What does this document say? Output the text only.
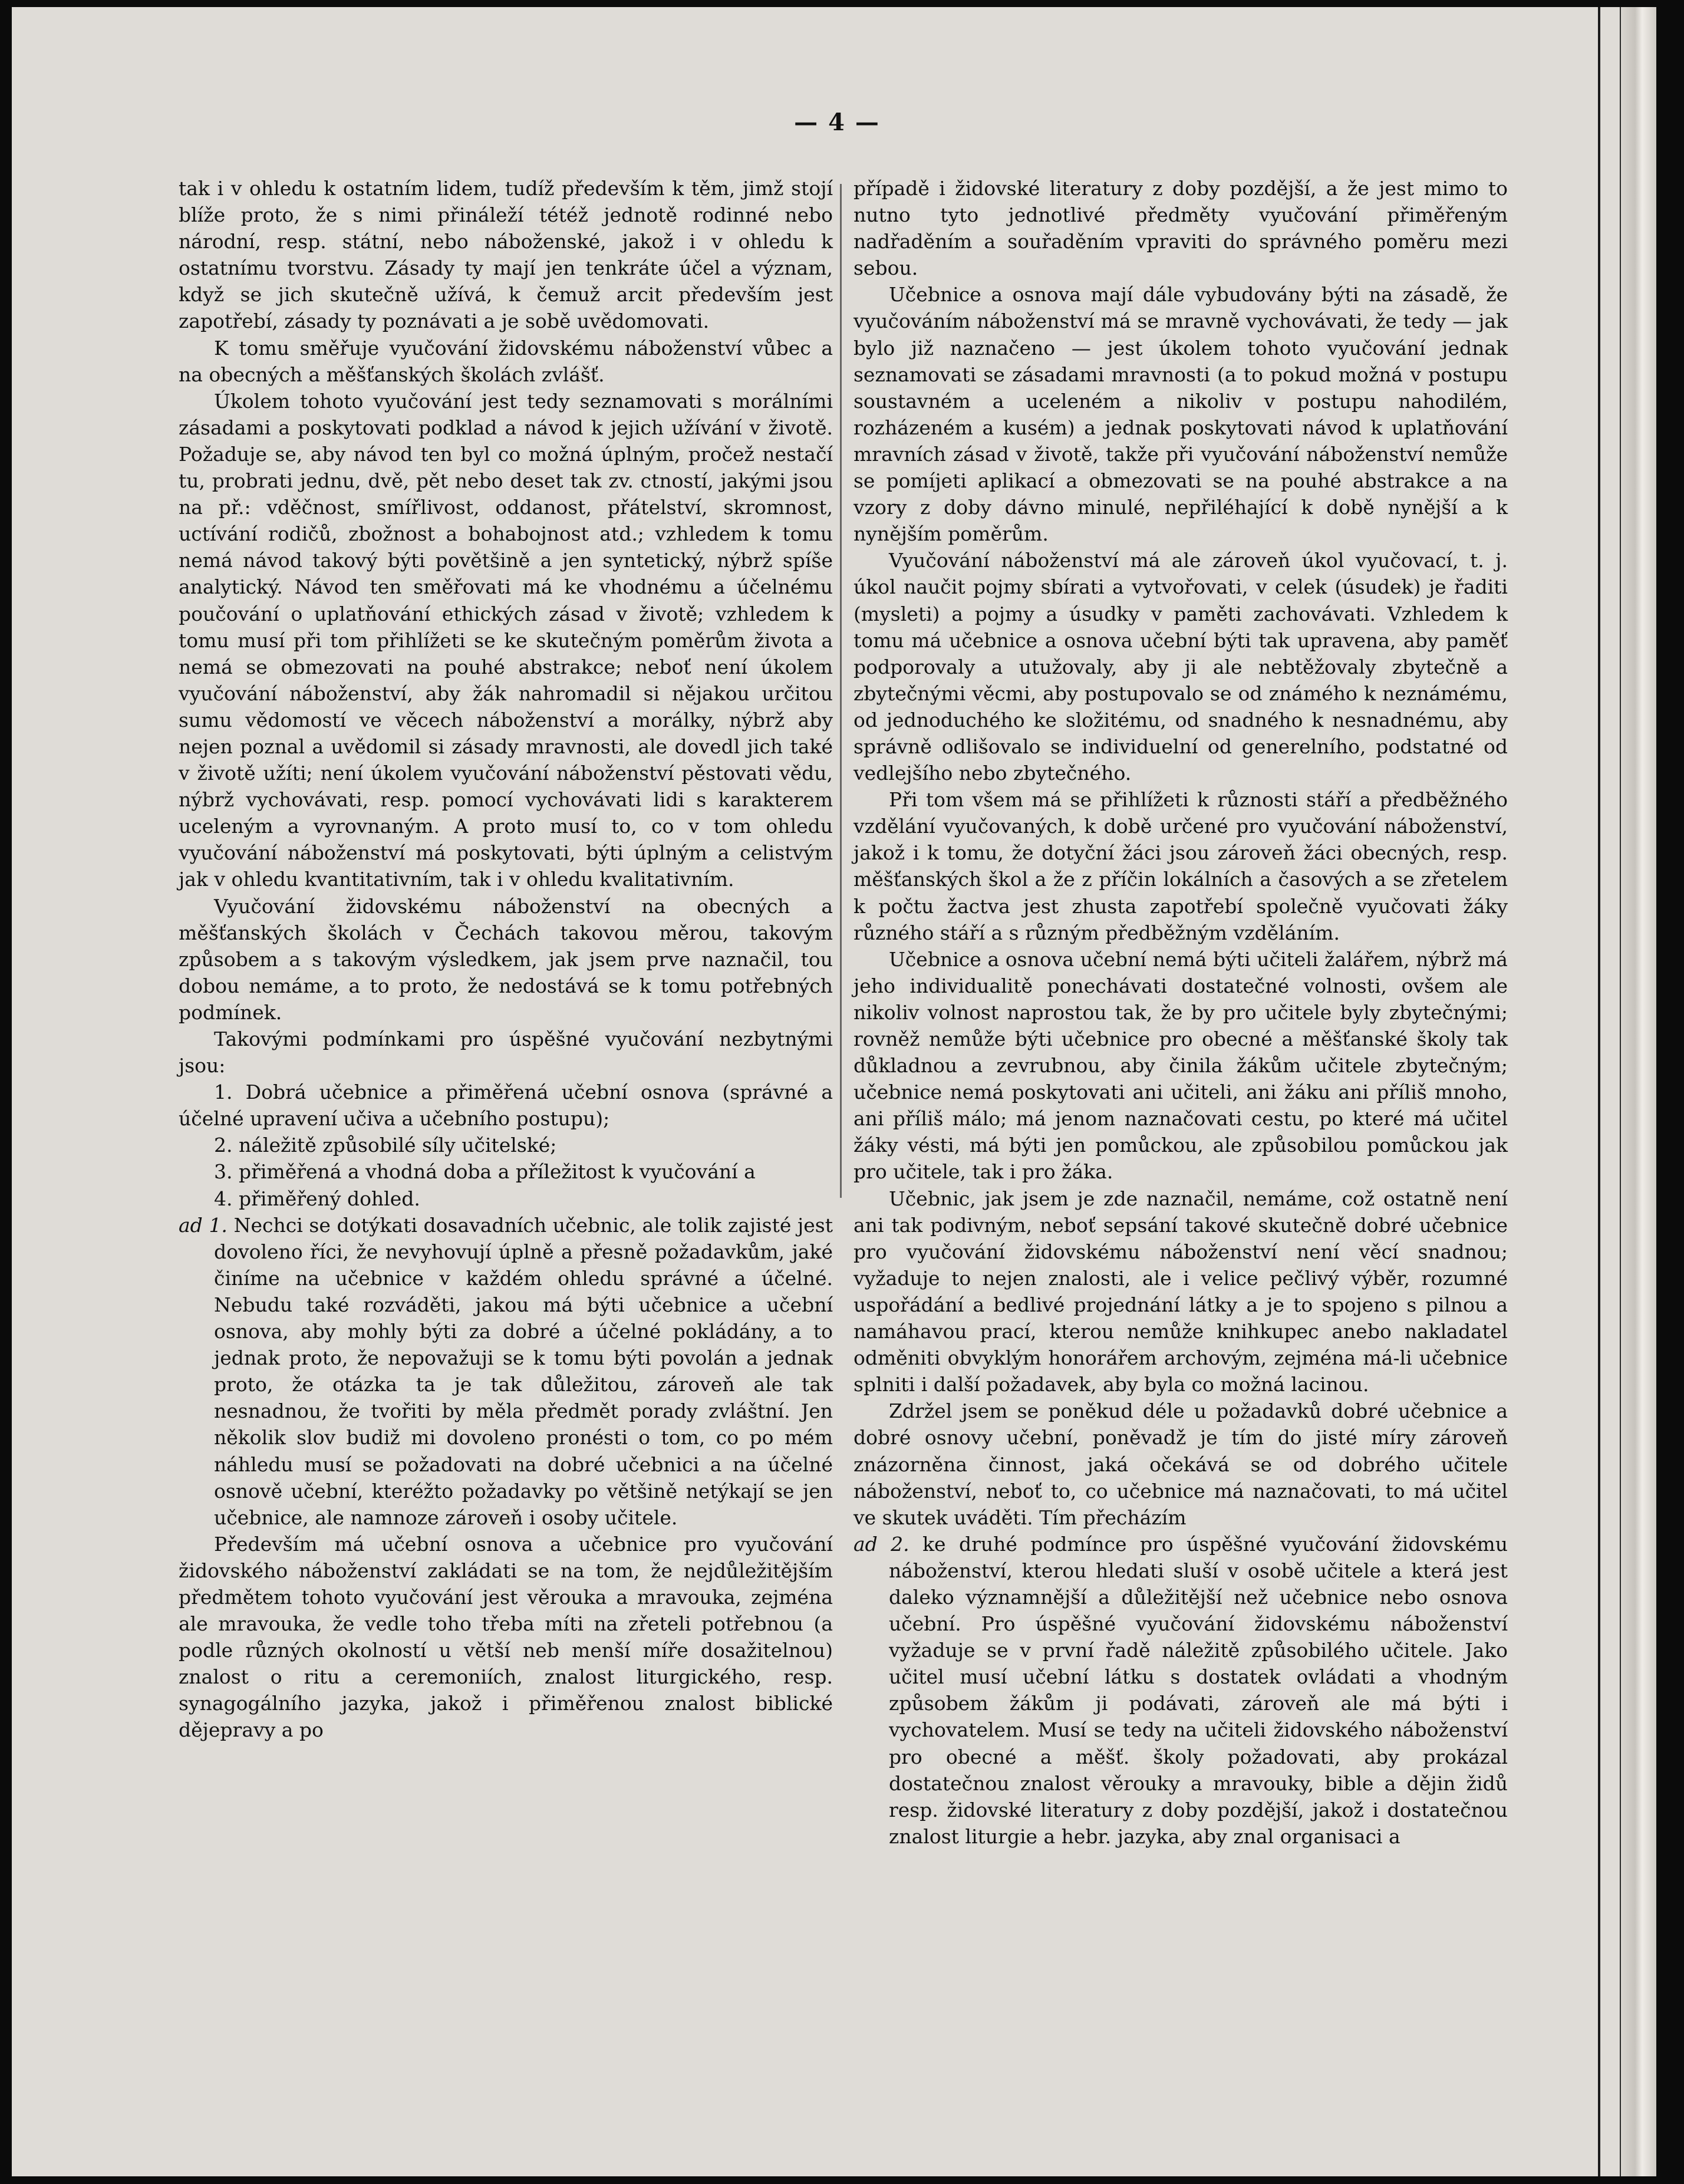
— 4 —

tak i v ohledu k ostatním lidem, tudíž především k těm, jimž stojí blíže proto, že s nimi přináleží tétéž jednotě rodinné nebo národní, resp. státní, nebo náboženské, jakož i v ohledu k ostatnímu tvorstvu. Zásady ty mají jen tenkráte účel a význam, když se jich skutečně užívá, k čemuž arcit především jest zapotřebí, zásady ty poznávati a je sobě uvědomovati.

K tomu směřuje vyučování židovskému náboženství vůbec a na obecných a měšťanských školách zvlášť.

Úkolem tohoto vyučování jest tedy seznamovati s morálními zásadami a poskytovati podklad a návod k jejich užívání v životě. Požaduje se, aby návod ten byl co možná úplným, pročež nestačí tu, probrati jednu, dvě, pět nebo deset tak zv. ctností, jakými jsou na př.: vděčnost, smířlivost, oddanost, přátelství, skromnost, uctívání rodičů, zbožnost a bohabojnost atd.; vzhledem k tomu nemá návod takový býti povětšině a jen syntetický, nýbrž spíše analytický. Návod ten směřovati má ke vhodnému a účelnému poučování o uplatňování ethických zásad v životě; vzhledem k tomu musí při tom přihlížeti se ke skutečným poměrům života a nemá se obmezovati na pouhé abstrakce; neboť není úkolem vyučování náboženství, aby žák nahromadil si nějakou určitou sumu vědomostí ve věcech náboženství a morálky, nýbrž aby nejen poznal a uvědomil si zásady mravnosti, ale dovedl jich také v životě užíti; není úkolem vyučování náboženství pěstovati vědu, nýbrž vychovávati, resp. pomocí vychovávati lidi s karakterem uceleným a vyrovnaným. A proto musí to, co v tom ohledu vyučování náboženství má poskytovati, býti úplným a celistvým jak v ohledu kvantitativním, tak i v ohledu kvalitativním.

Vyučování židovskému náboženství na obecných a měšťanských školách v Čechách takovou měrou, takovým způsobem a s takovým výsledkem, jak jsem prve naznačil, tou dobou nemáme, a to proto, že nedostává se k tomu potřebných podmínek.

Takovými podmínkami pro úspěšné vyučování nezbytnými jsou:

1. Dobrá učebnice a přiměřená učební osnova (správné a účelné upravení učiva a učebního postupu);

2. náležitě způsobilé síly učitelské;

3. přiměřená a vhodná doba a příležitost k vyučování a

4. přiměřený dohled.

ad 1. Nechci se dotýkati dosavadních učebnic, ale tolik zajisté jest dovoleno říci, že nevyhovují úplně a přesně požadavkům, jaké činíme na učebnice v každém ohledu správné a účelné. Nebudu také rozváděti, jakou má býti učebnice a učební osnova, aby mohly býti za dobré a účelné pokládány, a to jednak proto, že nepovažuji se k tomu býti povolán a jednak proto, že otázka ta je tak důležitou, zároveň ale tak nesnadnou, že tvořiti by měla předmět porady zvláštní. Jen několik slov budiž mi dovoleno pronésti o tom, co po mém náhledu musí se požadovati na dobré učebnici a na účelné osnově učební, kteréžto požadavky po většině netýkají se jen učebnice, ale namnoze zároveň i osoby učitele.

Především má učební osnova a učebnice pro vyučování židovského náboženství zakládati se na tom, že nejdůležitějším předmětem tohoto vyučování jest věrouka a mravouka, zejména ale mravouka, že vedle toho třeba míti na zřeteli potřebnou (a podle různých okolností u větší neb menší míře dosažitelnou) znalost o ritu a ceremoniích, znalost liturgického, resp. synagogálního jazyka, jakož i přiměřenou znalost biblické dějepravy a po

případě i židovské literatury z doby pozdější, a že jest mimo to nutno tyto jednotlivé předměty vyučování přiměřeným nadřaděním a souřaděním vpraviti do správného poměru mezi sebou.

Učebnice a osnova mají dále vybudovány býti na zásadě, že vyučováním náboženství má se mravně vychovávati, že tedy — jak bylo již naznačeno — jest úkolem tohoto vyučování jednak seznamovati se zásadami mravnosti (a to pokud možná v postupu soustavném a uceleném a nikoliv v postupu nahodilém, rozházeném a kusém) a jednak poskytovati návod k uplatňování mravních zásad v životě, takže při vyučování náboženství nemůže se pomíjeti aplikací a obmezovati se na pouhé abstrakce a na vzory z doby dávno minulé, nepřiléhající k době nynější a k nynějším poměrům.

Vyučování náboženství má ale zároveň úkol vyučovací, t. j. úkol naučit pojmy sbírati a vytvořovati, v celek (úsudek) je řaditi (mysleti) a pojmy a úsudky v paměti zachovávati. Vzhledem k tomu má učebnice a osnova učební býti tak upravena, aby paměť podporovaly a utužovaly, aby ji ale nebtěžovaly zbytečně a zbytečnými věcmi, aby postupovalo se od známého k neznámému, od jednoduchého ke složitému, od snadného k nesnadnému, aby správně odlišovalo se individuelní od generelního, podstatné od vedlejšího nebo zbytečného.

Při tom všem má se přihlížeti k různosti stáří a předběžného vzdělání vyučovaných, k době určené pro vyučování náboženství, jakož i k tomu, že dotyční žáci jsou zároveň žáci obecných, resp. měšťanských škol a že z příčin lokálních a časových a se zřetelem k počtu žactva jest zhusta zapotřebí společně vyučovati žáky různého stáří a s různým předběžným vzděláním.

Učebnice a osnova učební nemá býti učiteli žalářem, nýbrž má jeho individualitě ponechávati dostatečné volnosti, ovšem ale nikoliv volnost naprostou tak, že by pro učitele byly zbytečnými; rovněž nemůže býti učebnice pro obecné a měšťanské školy tak důkladnou a zevrubnou, aby činila žákům učitele zbytečným; učebnice nemá poskytovati ani učiteli, ani žáku ani příliš mnoho, ani příliš málo; má jenom naznačovati cestu, po které má učitel žáky vésti, má býti jen pomůckou, ale způsobilou pomůckou jak pro učitele, tak i pro žáka.

Učebnic, jak jsem je zde naznačil, nemáme, což ostatně není ani tak podivným, neboť sepsání takové skutečně dobré učebnice pro vyučování židovskému náboženství není věcí snadnou; vyžaduje to nejen znalosti, ale i velice pečlivý výběr, rozumné uspořádání a bedlivé projednání látky a je to spojeno s pilnou a namáhavou prací, kterou nemůže knihkupec anebo nakladatel odměniti obvyklým honorářem archovým, zejména má-li učebnice splniti i další požadavek, aby byla co možná lacinou.

Zdržel jsem se poněkud déle u požadavků dobré učebnice a dobré osnovy učební, poněvadž je tím do jisté míry zároveň znázorněna činnost, jaká očekává se od dobrého učitele náboženství, neboť to, co učebnice má naznačovati, to má učitel ve skutek uváděti. Tím přecházím

ad 2. ke druhé podmínce pro úspěšné vyučování židovskému náboženství, kterou hledati sluší v osobě učitele a která jest daleko významnější a důležitější než učebnice nebo osnova učební. Pro úspěšné vyučování židovskému náboženství vyžaduje se v první řadě náležitě způsobilého učitele. Jako učitel musí učební látku s dostatek ovládati a vhodným způsobem žákům ji podávati, zároveň ale má býti i vychovatelem. Musí se tedy na učiteli židovského náboženství pro obecné a měšť. školy požadovati, aby prokázal dostatečnou znalost věrouky a mravouky, bible a dějin židů resp. židovské literatury z doby pozdější, jakož i dostatečnou znalost liturgie a hebr. jazyka, aby znal organisaci a
